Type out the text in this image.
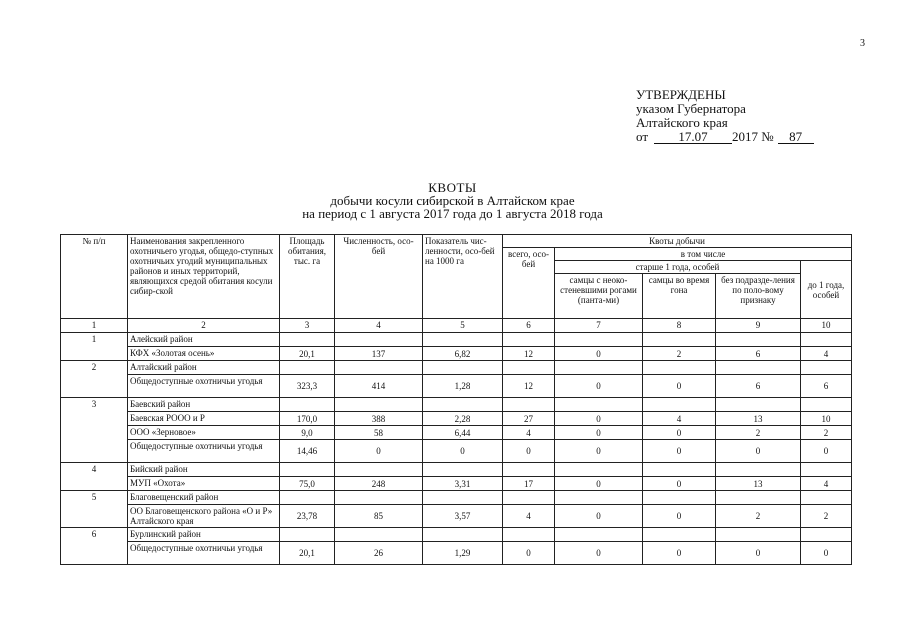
3
УТВЕРЖДЕНЫ
указом Губернатора
Алтайского края
от 17.07 2017 № 87
КВОТЫ
добычи косули сибирской в Алтайском крае
на период с 1 августа 2017 года до 1 августа 2018 года
№ п/п	Наименования закрепленного охотничьего угодья, общедо-ступных охотничьих угодий муниципальных районов и иных территорий, являющихся средой обитания косули сибир-ской	Площадь обитания, тыс. га	Численность, осо-бей	Показатель чис-ленности, осо-бей на 1000 га	Квоты добычи				
					всего, осо-бей	в том числе			
						старше 1 года, особей			до 1 года, особей
						самцы с неоко-стеневшими рогами (панта-ми)	самцы во время гона	без подразде-ления по поло-вому признаку	
1	2	3	4	5	6	7	8	9	10
1	Алейский район								
	КФХ «Золотая осень»	20,1	137	6,82	12	0	2	6	4
2	Алтайский район								
	Общедоступные охотничьи угодья	323,3	414	1,28	12	0	0	6	6
3	Баевский район								
	Баевская РООО и Р	170,0	388	2,28	27	0	4	13	10
	ООО «Зерновое»	9,0	58	6,44	4	0	0	2	2
	Общедоступные охотничьи угодья	14,46	0	0	0	0	0	0	0
4	Бийский район								
	МУП «Охота»	75,0	248	3,31	17	0	0	13	4
5	Благовещенский район								
	ОО Благовещенского района «О и Р» Алтайского края	23,78	85	3,57	4	0	0	2	2
6	Бурлинский район								
	Общедоступные охотничьи угодья	20,1	26	1,29	0	0	0	0	0
